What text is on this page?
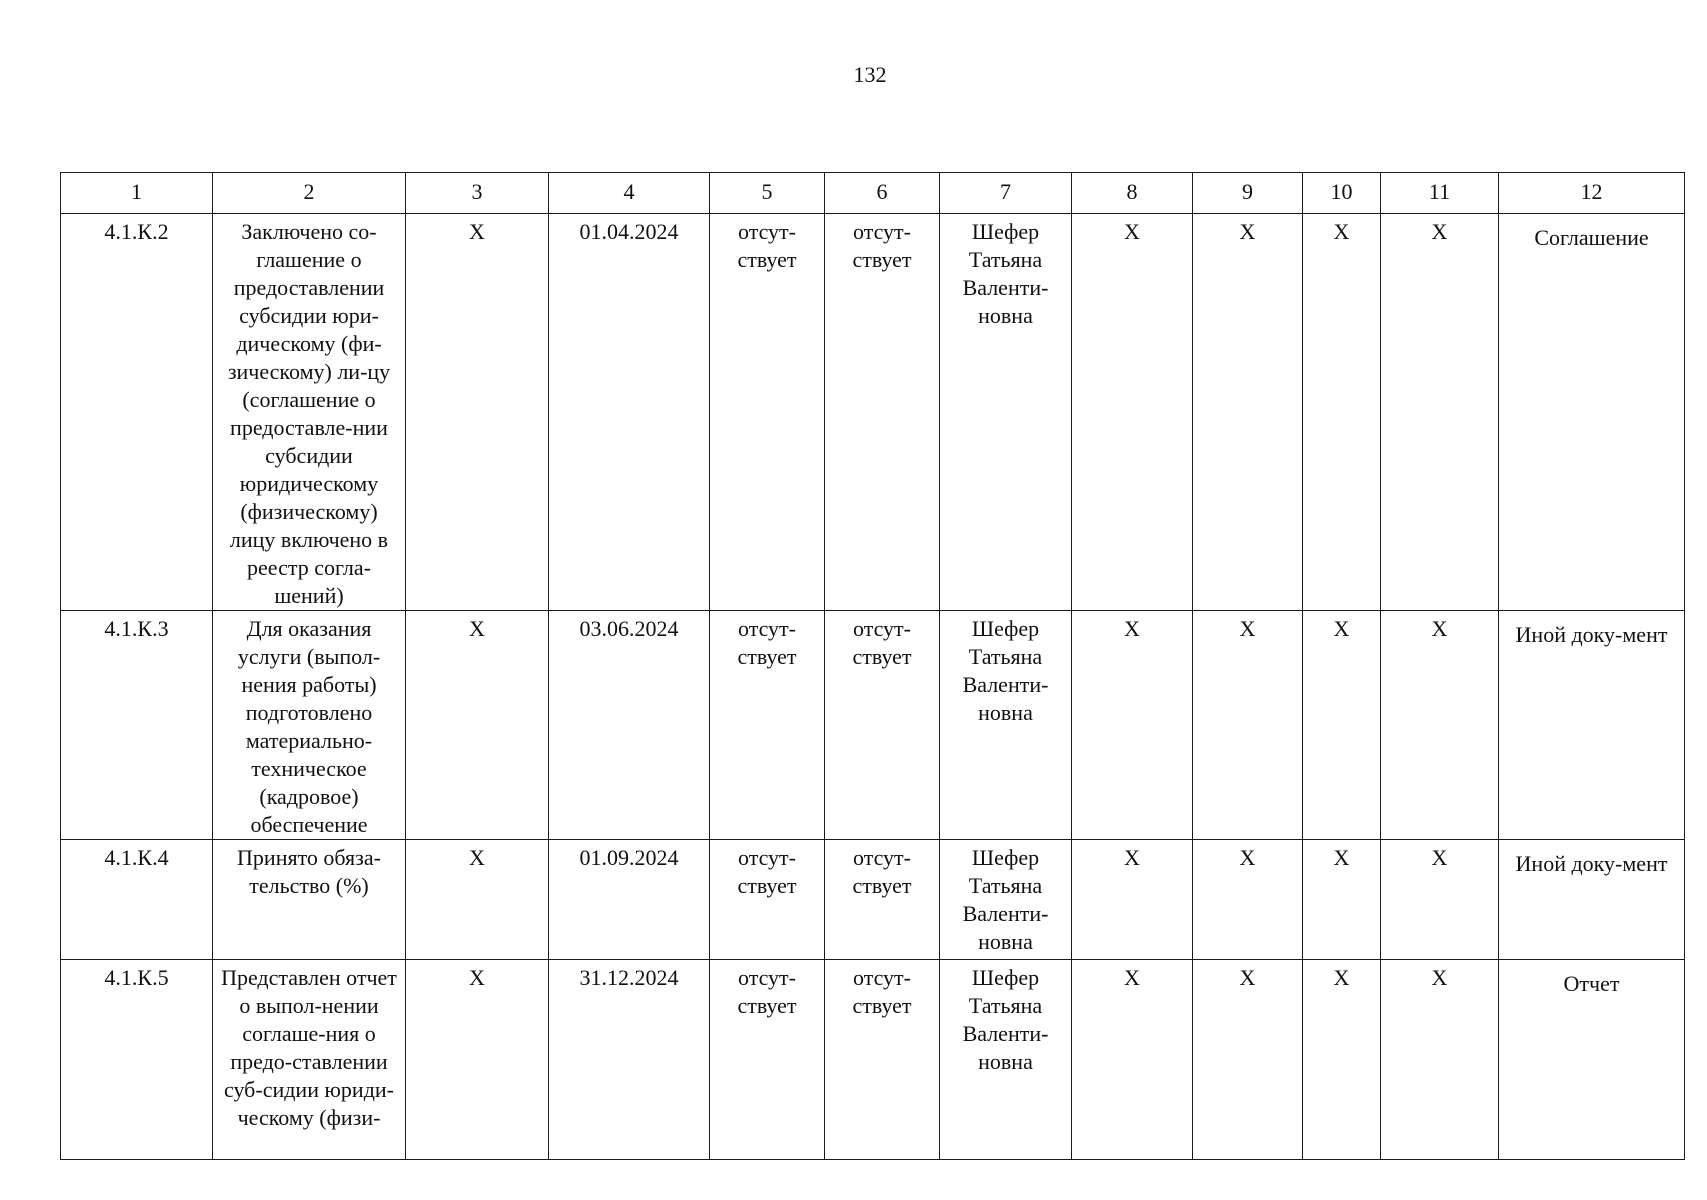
132
1	2	3	4	5	6	7	8	9	10	11	12
4.1.К.2	Заключено со-глашение о предоставлении субсидии юри-дическому (фи-зическому) ли-цу (соглашение о предоставле-нии субсидии юридическому (физическому) лицу включено в реестр согла-шений)	X	01.04.2024	отсут-ствует	отсут-ствует	Шефер Татьяна Валенти-новна	X	X	X	X	Соглашение
4.1.К.3	Для оказания услуги (выпол-нения работы) подготовлено материально-техническое (кадровое) обеспечение	X	03.06.2024	отсут-ствует	отсут-ствует	Шефер Татьяна Валенти-новна	X	X	X	X	Иной доку-мент
4.1.К.4	Принято обяза-тельство (%)	X	01.09.2024	отсут-ствует	отсут-ствует	Шефер Татьяна Валенти-новна	X	X	X	X	Иной доку-мент
4.1.К.5	Представлен отчет о выпол-нении соглаше-ния о предо-ставлении суб-сидии юриди-ческому (физи-	X	31.12.2024	отсут-ствует	отсут-ствует	Шефер Татьяна Валенти-новна	X	X	X	X	Отчет
